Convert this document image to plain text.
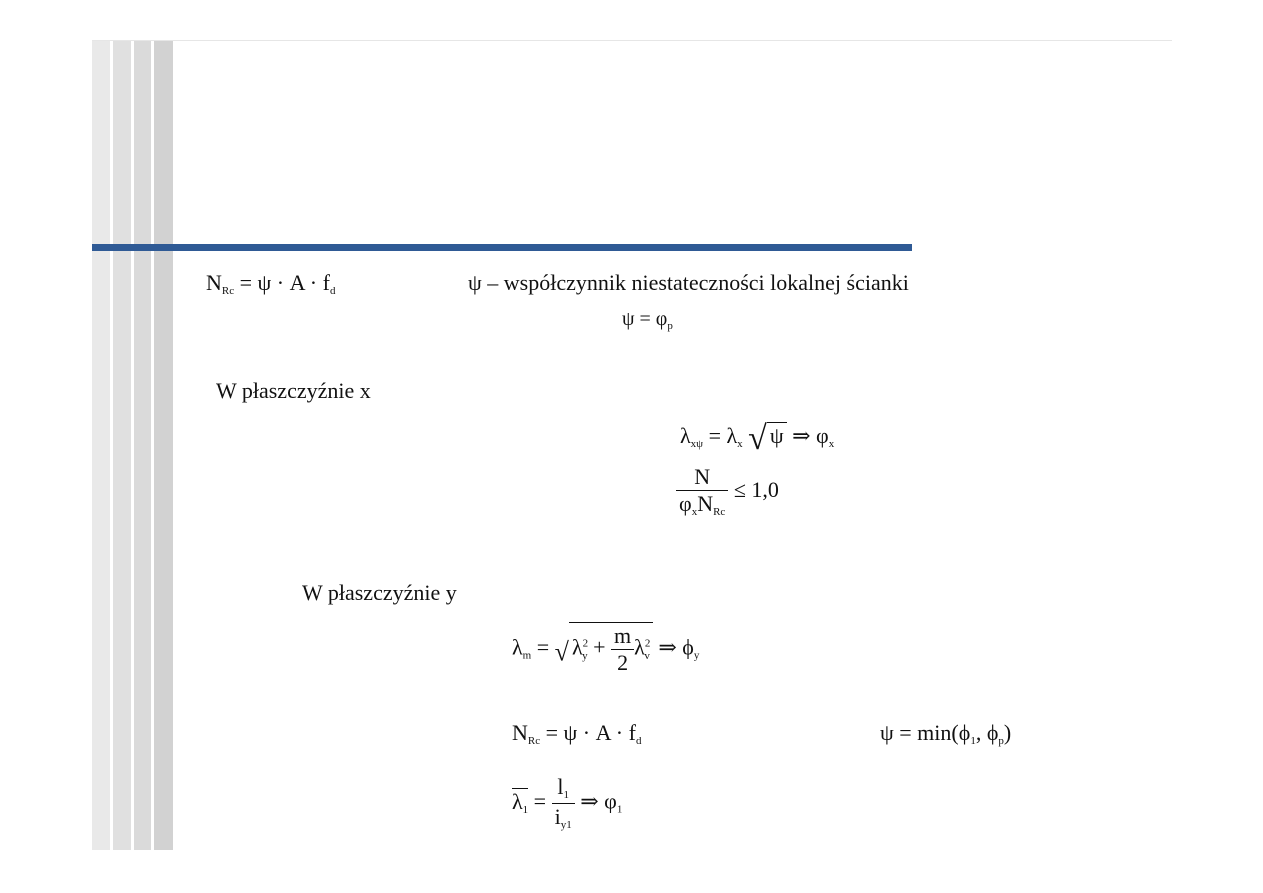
$N_{Rc} = \psi \cdot A \cdot f_d$	ψ – współczynnik niestateczności lokalnej ścianki
$\psi = \varphi_p$
W płaszczyźnie x
$\lambda_{x\psi} = \lambda_x$ √ ψ ⇒ $\varphi_x$
$\frac{N}{\varphi_xN_{Rc}} \le 1,0$
W płaszczyźnie y
$\lambda_m$ = √ $\lambda^2_y + \frac{m}{2} \lambda^2_v$ ⇒ $\phi_y$
$N_{Rc} = \psi \cdot A \cdot f_d$	$\psi = \min(\phi_1$, $\phi_p$)
$\lambda_1 = \frac{l_1}{i_{y1}}$ ⇒ $\varphi_1$
